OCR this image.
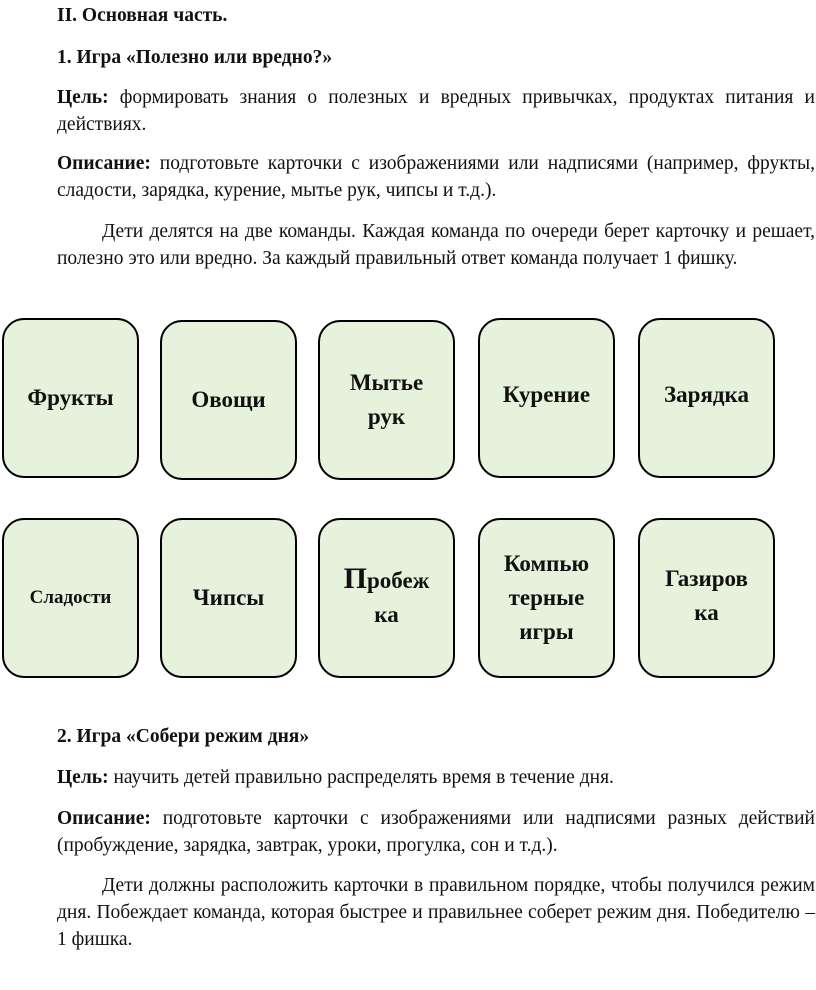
II. Основная часть.
1. Игра «Полезно или вредно?»
Цель: формировать знания о полезных и вредных привычках, продуктах питания и действиях.
Описание: подготовьте карточки с изображениями или надписями (например, фрукты, сладости, зарядка, курение, мытье рук, чипсы и т.д.).
Дети делятся на две команды. Каждая команда по очереди берет карточку и решает, полезно это или вредно. За каждый правильный ответ команда получает 1 фишку.
Фрукты	Овощи
Мытье
рук
Курение	Зарядка
Сладости	Чипсы
Пробеж
ка
Компью
терные
игры
Газиров
ка
2. Игра «Собери режим дня»
Цель: научить детей правильно распределять время в течение дня.
Описание: подготовьте карточки с изображениями или надписями разных действий (пробуждение, зарядка, завтрак, уроки, прогулка, сон и т.д.).
Дети должны расположить карточки в правильном порядке, чтобы получился режим дня. Побеждает команда, которая быстрее и правильнее соберет режим дня. Победителю – 1 фишка.
